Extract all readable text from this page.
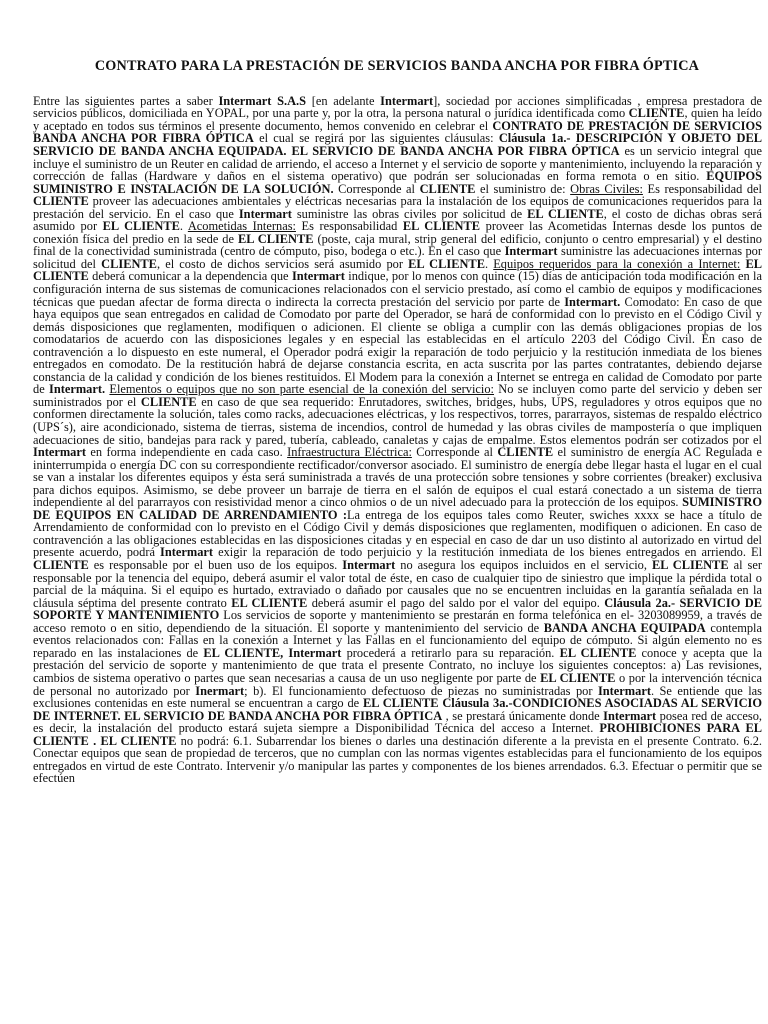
CONTRATO PARA LA PRESTACIÓN DE SERVICIOS BANDA ANCHA POR FIBRA ÓPTICA

Entre las siguientes partes a saber Intermart S.A.S [en adelante Intermart], sociedad por acciones simplificadas , empresa prestadora de servicios públicos, domiciliada en YOPAL, por una parte y, por la otra, la persona natural o jurídica identificada como CLIENTE, quien ha leído y aceptado en todos sus términos el presente documento, hemos convenido en celebrar el CONTRATO DE PRESTACIÓN DE SERVICIOS BANDA ANCHA POR FIBRA ÓPTICA el cual se regirá por las siguientes cláusulas: Cláusula 1a.- DESCRIPCIÓN Y OBJETO DEL SERVICIO DE BANDA ANCHA EQUIPADA. EL SERVICIO DE BANDA ANCHA POR FIBRA ÓPTICA es un servicio integral que incluye el suministro de un Reuter en calidad de arriendo, el acceso a Internet y el servicio de soporte y mantenimiento, incluyendo la reparación y corrección de fallas (Hardware y daños en el sistema operativo) que podrán ser solucionadas en forma remota o en sitio. EQUIPOS SUMINISTRO E INSTALACIÓN DE LA SOLUCIÓN. Corresponde al CLIENTE el suministro de: Obras Civiles: Es responsabilidad del CLIENTE proveer las adecuaciones ambientales y eléctricas necesarias para la instalación de los equipos de comunicaciones requeridos para la prestación del servicio. En el caso que Intermart suministre las obras civiles por solicitud de EL CLIENTE, el costo de dichas obras será asumido por EL CLIENTE. Acometidas Internas: Es responsabilidad EL CLIENTE proveer las Acometidas Internas desde los puntos de conexión física del predio en la sede de EL CLIENTE (poste, caja mural, strip general del edificio, conjunto o centro empresarial) y el destino final de la conectividad suministrada (centro de cómputo, piso, bodega o etc.). En el caso que Intermart suministre las adecuaciones internas por solicitud del CLIENTE, el costo de dichos servicios será asumido por EL CLIENTE. Equipos requeridos para la conexión a Internet: EL CLIENTE deberá comunicar a la dependencia que Intermart indique, por lo menos con quince (15) días de anticipación toda modificación en la configuración interna de sus sistemas de comunicaciones relacionados con el servicio prestado, así como el cambio de equipos y modificaciones técnicas que puedan afectar de forma directa o indirecta la correcta prestación del servicio por parte de Intermart. Comodato: En caso de que haya equipos que sean entregados en calidad de Comodato por parte del Operador, se hará de conformidad con lo previsto en el Código Civil y demás disposiciones que reglamenten, modifiquen o adicionen. El cliente se obliga a cumplir con las demás obligaciones propias de los comodatarios de acuerdo con las disposiciones legales y en especial las establecidas en el artículo 2203 del Código Civil. En caso de contravención a lo dispuesto en este numeral, el Operador podrá exigir la reparación de todo perjuicio y la restitución inmediata de los bienes entregados en comodato. De la restitución habrá de dejarse constancia escrita, en acta suscrita por las partes contratantes, debiendo dejarse constancia de la calidad y condición de los bienes restituidos. El Modem para la conexión a Internet se entrega en calidad de Comodato por parte de Intermart. Elementos o equipos que no son parte esencial de la conexión del servicio: No se incluyen como parte del servicio y deben ser suministrados por el CLIENTE en caso de que sea requerido: Enrutadores, switches, bridges, hubs, UPS, reguladores y otros equipos que no conformen directamente la solución, tales como racks, adecuaciones eléctricas, y los respectivos, torres, pararrayos, sistemas de respaldo eléctrico (UPS´s), aire acondicionado, sistema de tierras, sistema de incendios, control de humedad y las obras civiles de mampostería o que impliquen adecuaciones de sitio, bandejas para rack y pared, tubería, cableado, canaletas y cajas de empalme. Estos elementos podrán ser cotizados por el Intermart en forma independiente en cada caso. Infraestructura Eléctrica: Corresponde al CLIENTE el suministro de energía AC Regulada e ininterrumpida o energía DC con su correspondiente rectificador/conversor asociado. El suministro de energía debe llegar hasta el lugar en el cual se van a instalar los diferentes equipos y ésta será suministrada a través de una protección sobre tensiones y sobre corrientes (breaker) exclusiva para dichos equipos. Asimismo, se debe proveer un barraje de tierra en el salón de equipos el cual estará conectado a un sistema de tierra independiente al del pararrayos con resistividad menor a cinco ohmios o de un nivel adecuado para la protección de los equipos. SUMINISTRO DE EQUIPOS EN CALIDAD DE ARRENDAMIENTO :La entrega de los equipos tales como Reuter, swiches xxxx se hace a título de Arrendamiento de conformidad con lo previsto en el Código Civil y demás disposiciones que reglamenten, modifiquen o adicionen. En caso de contravención a las obligaciones establecidas en las disposiciones citadas y en especial en caso de dar un uso distinto al autorizado en virtud del presente acuerdo, podrá Intermart exigir la reparación de todo perjuicio y la restitución inmediata de los bienes entregados en arriendo. El CLIENTE es responsable por el buen uso de los equipos. Intermart no asegura los equipos incluidos en el servicio, EL CLIENTE al ser responsable por la tenencia del equipo, deberá asumir el valor total de éste, en caso de cualquier tipo de siniestro que implique la pérdida total o parcial de la máquina. Si el equipo es hurtado, extraviado o dañado por causales que no se encuentren incluidas en la garantía señalada en la cláusula séptima del presente contrato EL CLIENTE deberá asumir el pago del saldo por el valor del equipo. Cláusula 2a.- SERVICIO DE SOPORTE Y MANTENIMIENTO Los servicios de soporte y mantenimiento se prestarán en forma telefónica en el- 3203089959, a través de acceso remoto o en sitio, dependiendo de la situación. El soporte y mantenimiento del servicio de BANDA ANCHA EQUIPADA contempla eventos relacionados con: Fallas en la conexión a Internet y las Fallas en el funcionamiento del equipo de cómputo. Si algún elemento no es reparado en las instalaciones de EL CLIENTE, Intermart procederá a retirarlo para su reparación. EL CLIENTE conoce y acepta que la prestación del servicio de soporte y mantenimiento de que trata el presente Contrato, no incluye los siguientes conceptos: a) Las revisiones, cambios de sistema operativo o partes que sean necesarias a causa de un uso negligente por parte de EL CLIENTE o por la intervención técnica de personal no autorizado por Inermart; b). El funcionamiento defectuoso de piezas no suministradas por Intermart. Se entiende que las exclusiones contenidas en este numeral se encuentran a cargo de EL CLIENTE Cláusula 3a.-CONDICIONES ASOCIADAS AL SERVICIO DE INTERNET. EL SERVICIO DE BANDA ANCHA POR FIBRA ÓPTICA , se prestará únicamente donde Intermart posea red de acceso, es decir, la instalación del producto estará sujeta siempre a Disponibilidad Técnica del acceso a Internet. PROHIBICIONES PARA EL CLIENTE . EL CLIENTE no podrá: 6.1. Subarrendar los bienes o darles una destinación diferente a la prevista en el presente Contrato. 6.2. Conectar equipos que sean de propiedad de terceros, que no cumplan con las normas vigentes establecidas para el funcionamiento de los equipos entregados en virtud de este Contrato. Intervenir y/o manipular las partes y componentes de los bienes arrendados. 6.3. Efectuar o permitir que se efectúen
